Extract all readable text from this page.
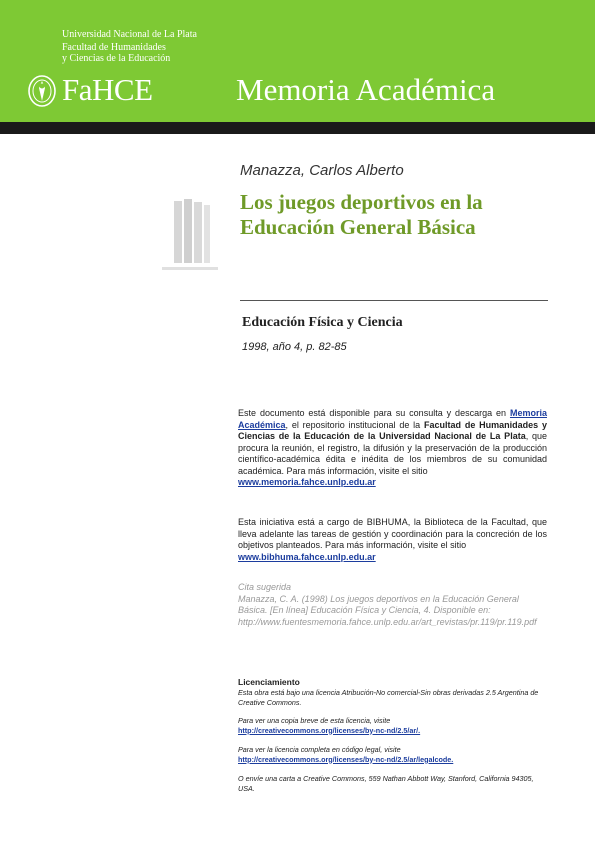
Universidad Nacional de La Plata
Facultad de Humanidades
y Ciencias de la Educación
FaHCE	Memoria Académica
Manazza, Carlos Alberto
Los juegos deportivos en la
Educación General Básica
Educación Física y Ciencia
1998, año 4, p. 82-85
Este documento está disponible para su consulta y descarga en Memoria Académica, el repositorio institucional de la Facultad de Humanidades y Ciencias de la Educación de la Universidad Nacional de La Plata, que procura la reunión, el registro, la difusión y la preservación de la producción científico-académica édita e inédita de los miembros de su comunidad académica. Para más información, visite el sitio
www.memoria.fahce.unlp.edu.ar
Esta iniciativa está a cargo de BIBHUMA, la Biblioteca de la Facultad, que lleva adelante las tareas de gestión y coordinación para la concreción de los objetivos planteados. Para más información, visite el sitio
www.bibhuma.fahce.unlp.edu.ar
Cita sugerida
Manazza, C. A. (1998) Los juegos deportivos en la Educación General Básica. [En línea] Educación Física y Ciencia, 4. Disponible en:
http://www.fuentesmemoria.fahce.unlp.edu.ar/art_revistas/pr.119/pr.119.pdf
Licenciamiento
Esta obra está bajo una licencia Atribución-No comercial-Sin obras derivadas 2.5 Argentina de Creative Commons.
Para ver una copia breve de esta licencia, visite
http://creativecommons.org/licenses/by-nc-nd/2.5/ar/.
Para ver la licencia completa en código legal, visite
http://creativecommons.org/licenses/by-nc-nd/2.5/ar/legalcode.
O envíe una carta a Creative Commons, 559 Nathan Abbott Way, Stanford, California 94305, USA.
